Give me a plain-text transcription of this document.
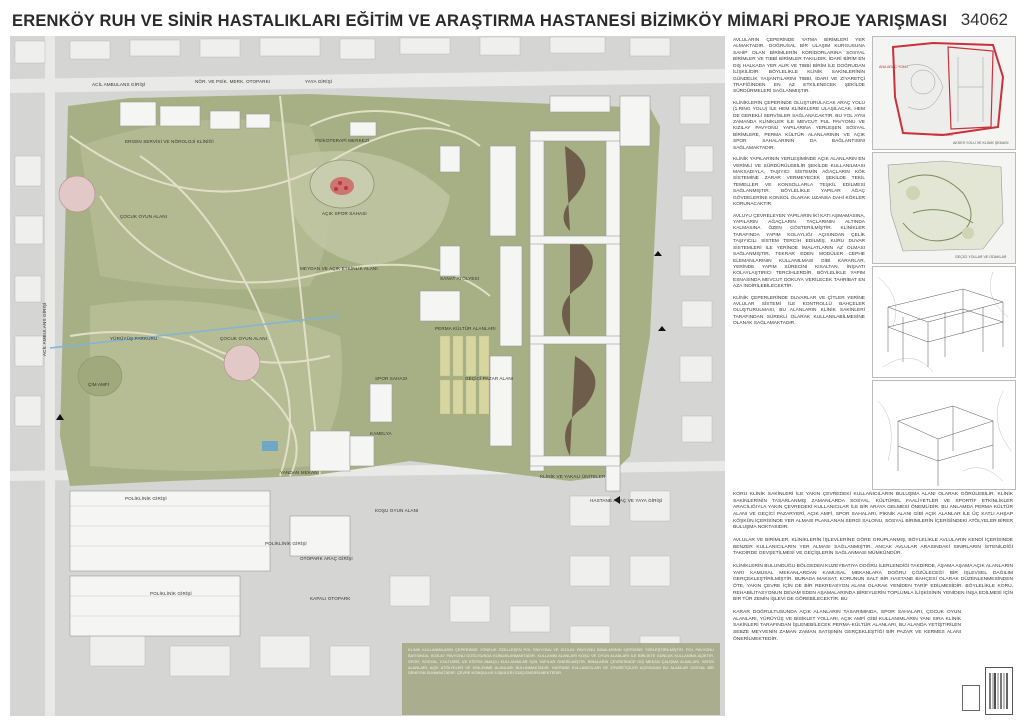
ERENKÖY RUH VE SİNİR HASTALIKLARI EĞİTİM VE ARAŞTIRMA HASTANESİ BİZİMKÖY MİMARİ PROJE YARIŞMASI 34062
ACİL AMBULANS GİRİŞİ
NÖR. VE PSİK. MERK. OTOPARKI	YAYA GİRİŞİ
ERGEN SERVİSİ VE NÖROLOJİ KLİNİĞİ	PSİKOTERAPİ MERKEZİ
AÇIK SPOR SAHASI
ÇOCUK OYUN ALANI
MEYDAN VE AÇIK ETKİNLİK ALANI
SANAT ATÖLYESİ
PERMA KÜLTÜR ALANLARI
SPOR SAHASI	GEÇİCİ PAZAR ALANI
YÜRÜYÜŞ PARKURU	ÇOCUK OYUN ALANI
ÇİM AMFİ
ACİL AMBULANS GİRİŞİ
KAMELYA
KOŞU OYUN ALANI
POLİKLİNİK GİRİŞİ
POLİKLİNİK GİRİŞİ
POLİKLİNİK GİRİŞİ
YANDAN MEKANI
KLİNİK VE YAKALI ÜNİTELER
HASTANE ARAÇ VE YAYA GİRİŞİ
OTOPARK ARAÇ GİRİŞİ
KAPALI OTOPARK

KLİNİK KULLANIMLARIN ÇEPERİNDE YÖNELİK ÖZELLEŞEN POL PAVYONU VE KIZILAY PAVYONU BİNALARININ İÇERİSİNE YERLEŞTİRİLMİŞTİR. POL PAVYONU BATISINDA, KIZILAY PAVYONU DOĞUSUNDA KONUMLANMAKTADIR. KULLANIM ALANLARI KOŞU VE OYUN ALANLARI İLE BİRLİKTE GÜNLÜK KULLANIMA AÇIKTIR. SPOR, SOSYAL, KÜLTÜREL VE EĞİTİM AMAÇLI KULLANIMLAR İÇİN YAPILAR ÖNERİLMİŞTİR. BİNALARIN ÇEVRESİNDE DIŞ MEKAN ÇALIŞMA ALANLARI, SERGİ ALANLARI, AÇIK ATÖLYELER VE DİNLENME ALANLARI BULUNMAKTADIR. HASTANE KULLANICILARI VE ZİYARETÇİLER AÇISINDAN BU ALANLAR SOSYAL BİR DENEYİM SUNMAKTADIR. ÇEVRE KOMŞULUK İLİŞKİLERİ GÜÇLENDİRİLMEKTEDİR.

AVLULARIN ÇEPERİNDE YATMA BİRİMLERİ YER ALMAKTADIR. DOĞRUSAL BİR ULAŞIM KURGUSUNA SAHİP OLAN BİRİMLERİN KORİDORLARINA SOSYAL BİRİMLER VE TIBBİ BİRİMLER TAKILIDIR. İDARİ BİRİM EN DIŞ HALKADA YER ALIR VE TIBBİ BİRİM İLE DOĞRUDAN İLİŞKİLİDİR. BÖYLELİKLE KLİNİK SAKİNLERİNİN GÜNDELİK YAŞANTILARINI TIBBİ, İDARİ VE ZİYARETÇİ TRAFİĞİNDEN EN AZ ETKİLENECEK ŞEKİLDE SÜRDÜRMELERİ SAĞLANMIŞTIR.

KLİNİKLERİN ÇEPERİNDE OLUŞTURULACAK ARAÇ YOLU (1.RING YOLU) İLE HEM KLİNİKLERE ULAŞILACAK, HEM DE GEREKLİ SERVİSLER SAĞLANACAKTIR. BU YOL AYNI ZAMANDA KLİNİKLER İLE MEVCUT PUL PAVYONU VE KIZILAY PAVYONU YAPILARINA YERLEŞEN SOSYAL BİRİMLERE, PERMA KÜLTÜR ALANLARININ VE AÇIK SPOR SAHALARININ DA BAĞLANTISINI SAĞLAMAKTADIR.

KLİNİK YAPILARININ YERLEŞİMİNDE AÇIK ALANLARIN EN VERİMLİ VE SÜRDÜRÜLEBİLİR ŞEKİLDE KULLANILMASI MAKSADIYLA, TAŞIYICI SİSTEMİN AĞAÇLARIN KÖK SİSTEMİNE ZARAR VERMEYECEK ŞEKİLDE TEKİL TEMELLER VE KONSOLLARLA TEŞKİL EDİLMESİ SAĞLANMIŞTIR. BÖYLELİKLE YAPILAR AĞAÇ GÖVDELERİNE KONSOL OLARAK UZANSA DAHİ KÖKLER KORUNACAKTIR.

AVLUYU ÇEVRELEYEN YAPILARIN İKİ KATI AŞMAMASINA, YAPILARIN AĞAÇLARIN TAÇLARININ ALTINDA KALMASINA ÖZEN GÖSTERİLMİŞTİR. KLİNİKLER TARAFINDA YAPIM KOLAYLIĞI AÇISINDAN ÇELİK TAŞIYICILI SİSTEM TERCİH EDİLMİŞ, KURU DUVAR SİSTEMLERİ İLE YERİNDE İMALATLARIN AZ OLMASI SAĞLANMIŞTIR. TEKRAR EDEN MODÜLER CEPHE ELEMANLARININ KULLANILMASI GİBİ KARARLAR, YERİNDE YAPIM SÜRECİNİ KISALTAN, İNŞAATI KOLAYLAŞTIRICI TERCİHLERDİR. BÖYLELİKLE YAPIM ESNASINDA MEVCUT DOKUYA VERİLECEK TAHRİBAT EN AZA İNDİRİLEBİLECEKTİR.

KLİNİK ÇEPERLERİNDE DUVARLAR VE ÇİTLER YERİNE AVLULAR SİSTEMİ İLE KONTROLLÜ BAHÇELER OLUŞTURULMASI, BU ALANLARIN KLİNİK SAKİNLERİ TARAFINDAN SÜREKLİ OLARAK KULLANILABİLMESİNE OLANAK SAĞLAMAKTADIR.

ANA ARAÇ YOLU
RİNG YOLU
AKSES YOLU VE KLİNİK ŞEMASI
GEÇİCİ YOLLAR VE ODAKLAR

KORU KLİNİK SAKİNLERİ İLE YAKIN ÇEVREDEKİ KULLANICILARIN BULUŞMA ALANI OLARAK GÖRÜLEBİLİR. KLİNİK SAKİNLERİNİN TASARLANMIŞ ZAMANLARDA SOSYAL, KÜLTÜREL FAALİYETLER VE SPORTİF ETKİNLİKLER ARACILIĞIYLA YAKIN ÇEVREDEKİ KULLANICILAR İLE BİR ARAYA GELMESİ ÖNEMLİDİR. BU ANLAMDA PERMA KÜLTÜR ALANI VE GEÇİCİ PAZARYERİ, AÇIK AMFİ, SPOR SAHALARI, PİKNİK ALANI GİBİ AÇIK ALANLAR İLE ÜÇ KATLI AHŞAP KÖŞKÜN İÇERİSİNDE YER ALMASI PLANLANAN SERGİ SALONU, SOSYAL BİRİMLERİN İÇERİSİNDEKİ ATÖLYELER BİRER BULUŞMA NOKTASIDIR.

AVLULAR VE BİRİMLER, KLİNİKLERİN İŞLEVLERİNE GÖRE GRUPLANMIŞ, BÖYLELİKLE AVLULARIN KENDİ İÇERİSİNDE BENZER KULLANICILARIN YER ALMASI SAĞLANMIŞTIR. ANCAK AVLULAR ARASINDAKİ SINIRLARIN İSTENİLDİĞİ TAKDİRDE GEVŞETİLMESİ VE GEÇİŞLERİN SAĞLANMASI MÜMKÜNDÜR.

KLİNİKLERİN BULUNDUĞU BÖLGEDEN KUZEYBATIYA DOĞRU İLERLENDİĞİ TAKDİRDE, AŞAMA AŞAMA AÇIK ALANLARIN YARI KAMUSAL MEKANLARDAN KAMUSAL MEKANLARA DOĞRU ÇÖZÜLECEĞİ BİR İŞLEVSEL DAĞILIM GERÇEKLEŞTİRİLMİŞTİR. BURADA MAKSAT, KORUNUN SALT BİR HASTANE BAHÇESİ OLARAK DÜZENLENMESİNDEN ÖTE, YAKIN ÇEVRE İÇİN DE BİR REKREASYON ALANI OLARAK YENİDEN TARİF EDİLMESİDİR. BÖYLELİKLE KORU, REHABİLİTASYONUN DEVAM EDEN AŞAMALARINDA BİREYLERİN TOPLUMLA İLİŞKİSİNİN YENİDEN İNŞA EDİLMESİ İÇİN BİR TÜR ZEMİN İŞLEVİ DE GÖREBİLECEKTİR. BU

KARAR DOĞRULTUSUNDA AÇIK ALANLARIN TASARIMINDA, SPOR SAHALARI, ÇOCUK OYUN ALANLARI, YÜRÜYÜŞ VE BİSİKLET YOLLARI, AÇIK AMFİ GİBİ KULLANIMLARIN YANI SIRA KLİNİK SAKİNLERİ TARAFINDAN İŞLENEBİLECEK PERMA-KÜLTÜR ALANLARI, BU ALANDA YETİŞTİRİLEN SEBZE MEYVENİN ZAMAN ZAMAN SATIŞININ GERÇEKLEŞTİĞİ BİR PAZAR VE KERMES ALANI ÖNERİLMEKTEDİR.
